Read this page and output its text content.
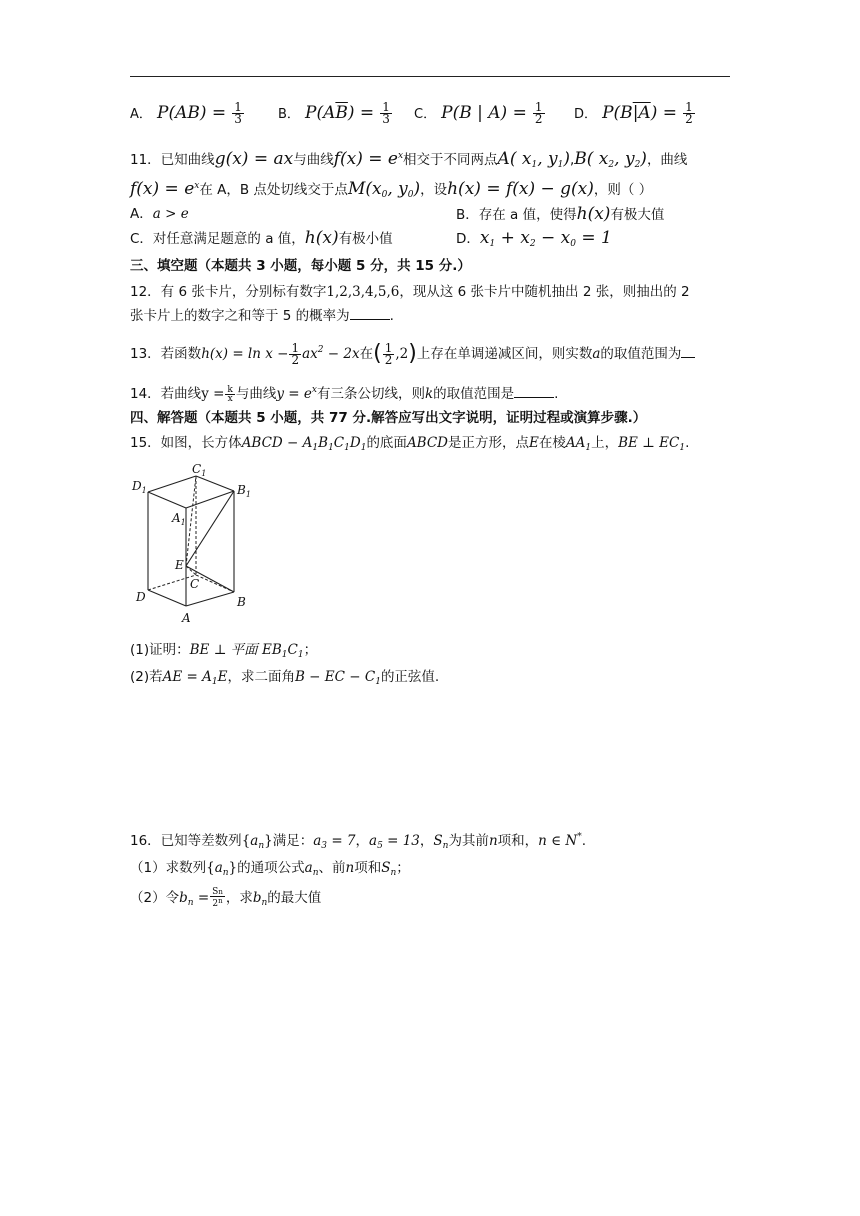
A． $P(AB) = \frac{1}{3}$	B． $P(A\overline{B}) = \frac{1}{3}$ C． P(B | $A) = \frac{1}{2}$ D． $P(B|A) = \frac{1}{2}$
11．已知曲线g(x) = ax与曲线$f(x) = e^x$相交于不同两点A( $x_1$, $y_1),B$( $x_2$, $y_2$)，曲线
$f(x) = e^x$在 A，B 点处切线交于点$M(x_0$, $y_0$)，设h(x) = f(x) − g(x)，则（ ）
A．a > e	B．存在 a 值，使得h(x)有极大值
C．对任意满足题意的 a 值，h(x)有极小值	D．$x_1 + x_2 - x_0 = 1$
三、填空题（本题共 3 小题，每小题 5 分，共 15 分.）
12．有 6 张卡片，分别标有数字1,2,3,4,5,6，现从这 6 张卡片中随机抽出 2 张，则抽出的 2
张卡片上的数字之和等于 5 的概率为	.
13．若函数$h(x) = \ln x - \frac{1}{2} ax^2 - 2x$在( $\frac{1}{2} ,2$)上存在单调递减区间，则实数a的取值范围为
14．若曲线$y = \frac{k}{x}$ 与曲线$y = e^x$有三条公切线，则k的取值范围是	.
四、解答题（本题共 5 小题，共 77 分.解答应写出文字说明，证明过程或演算步骤.）
15．如图，长方体ABCD − $A_1B_1C_1D_1$的底面ABCD是正方形，点E在棱$AA_1$上，BE ⊥ $EC_1$.
$C_1$
$D_1$	$B_1$
$A_1$
E
C
D	B
A
(1)证明：BE ⊥ 平面 $EB_1C_1$；
(2)若AE = $A_1E$，求二面角B − EC − $C_1$的正弦值.
16．已知等差数列$\{a_n\}$满足：$a_3 = 7$，$a_5 = 13$，$S_n$为其前n项和，n ∈ N*.
（1）求数列$\{a_n\}$的通项公式$a_n$、前n项和$S_n$；
（2）令$b_n = \frac{Sn}{2^n}$ ，求$b_n$的最大值
